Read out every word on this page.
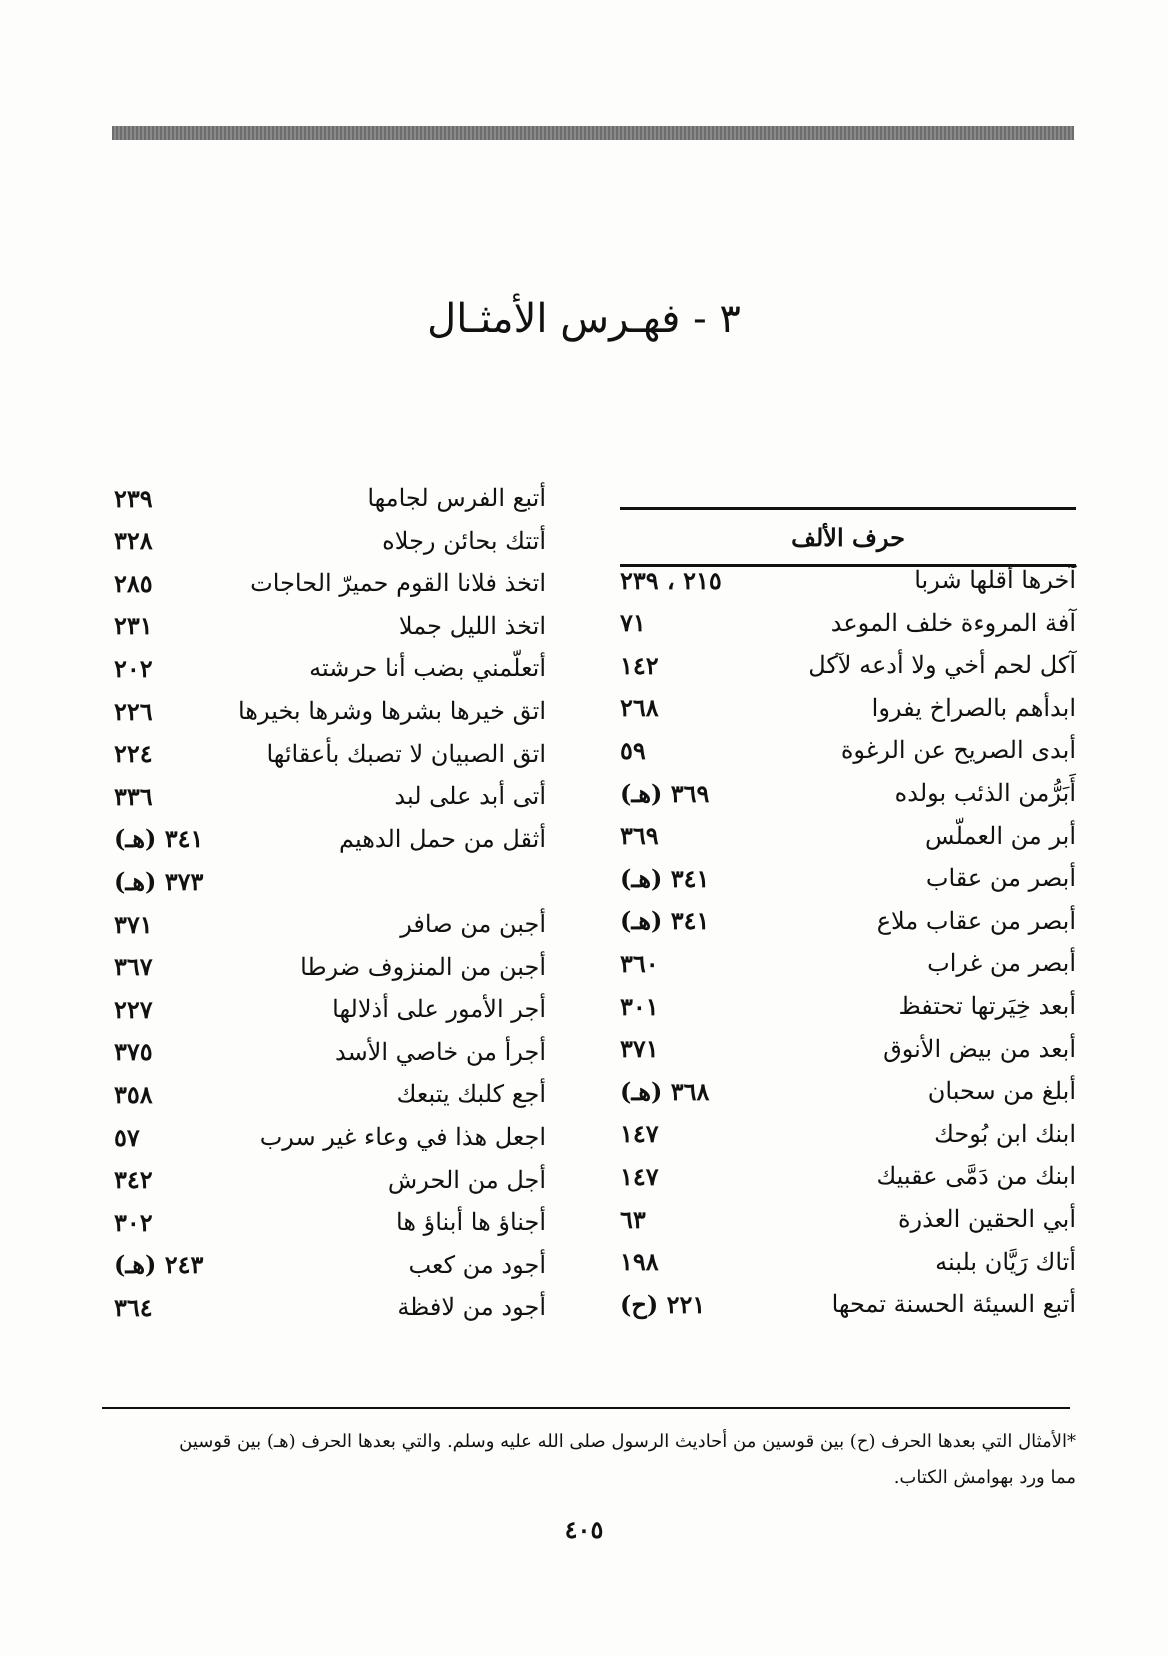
٣ - فهـرس الأمثـال
حرف الألف
آخرها أقلها شربا
٢١٥ ، ٢٣٩
آفة المروءة خلف الموعد
٧١
آكل لحم أخي ولا أدعه لآكل
١٤٢
ابدأهم بالصراخ يفروا
٢٦٨
أبدى الصريح عن الرغوة
٥٩
أَبَرُّمن الذئب بولده
٣٦٩ (هـ)
أبر من العملّس
٣٦٩
أبصر من عقاب
٣٤١ (هـ)
أبصر من عقاب ملاع
٣٤١ (هـ)
أبصر من غراب
٣٦٠
أبعد خِيَرتها تحتفظ
٣٠١
أبعد من بيض الأنوق
٣٧١
أبلغ من سحبان
٣٦٨ (هـ)
ابنك ابن بُوحك
١٤٧
ابنك من دَمَّى عقبيك
١٤٧
أبي الحقين العذرة
٦٣
أتاك رَيَّان بلبنه
١٩٨
أتبع السيئة الحسنة تمحها
٢٢١ (ح)
أتبع الفرس لجامها
٢٣٩
أتتك بحائن رجلاه
٣٢٨
اتخذ فلانا القوم حميرّ الحاجات
٢٨٥
اتخذ الليل جملا
٢٣١
أتعلّمني بضب أنا حرشته
٢٠٢
اتق خيرها بشرها وشرها بخيرها
٢٢٦
اتق الصبيان لا تصبك بأعقائها
٢٢٤
أتى أبد على لبد
٣٣٦
أثقل من حمل الدهيم
٣٤١ (هـ)
٣٧٣ (هـ)
أجبن من صافر
٣٧١
أجبن من المنزوف ضرطا
٣٦٧
أجر الأمور على أذلالها
٢٢٧
أجرأ من خاصي الأسد
٣٧٥
أجع كلبك يتبعك
٣٥٨
اجعل هذا في وعاء غير سرب
٥٧
أجل من الحرش
٣٤٢
أجناؤ ها أبناؤ ها
٣٠٢
أجود من كعب
٢٤٣ (هـ)
أجود من لافظة
٣٦٤
*الأمثال التي بعدها الحرف (ح) بين قوسين من أحاديث الرسول صلى الله عليه وسلم. والتي بعدها الحرف (هـ) بين قوسين مما ورد بهوامش الكتاب.
٤٠٥
